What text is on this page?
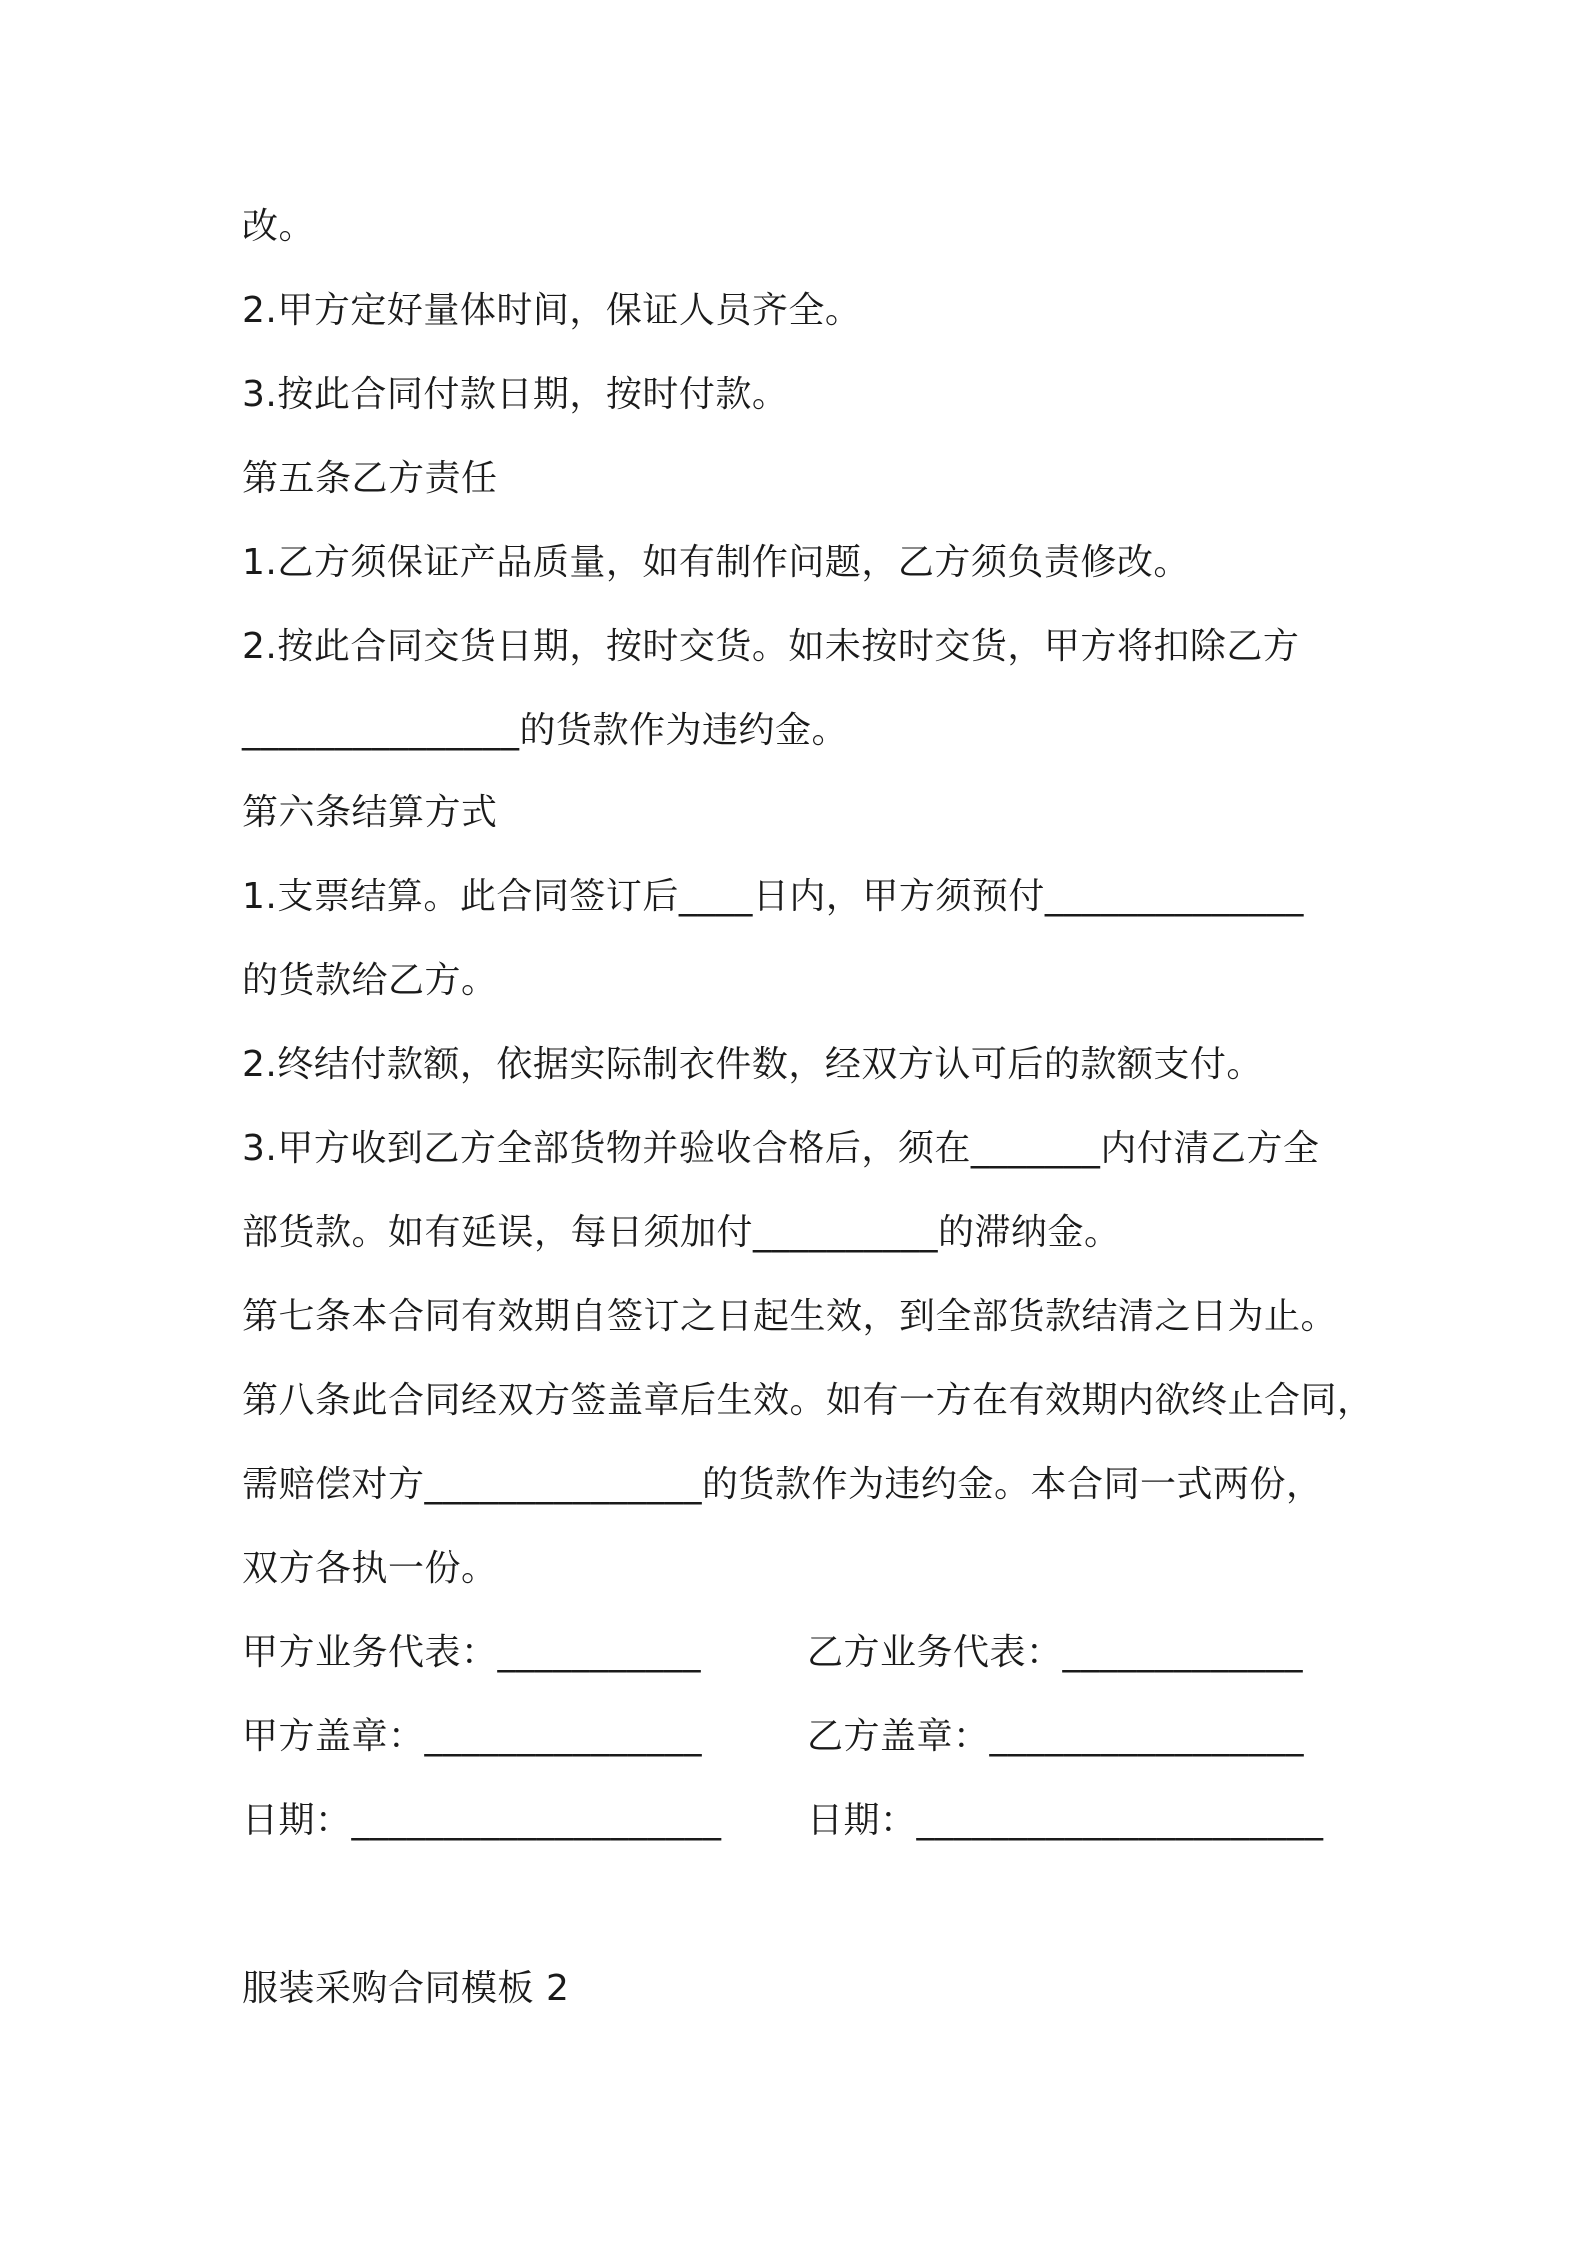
改。
2.甲方定好量体时间，保证人员齐全。
3.按此合同付款日期，按时付款。
第五条乙方责任
1.乙方须保证产品质量，如有制作问题，乙方须负责修改。
2.按此合同交货日期，按时交货。如未按时交货，甲方将扣除乙方
_______________的货款作为违约金。
第六条结算方式
1.支票结算。此合同签订后____日内，甲方须预付______________
的货款给乙方。
2.终结付款额，依据实际制衣件数，经双方认可后的款额支付。
3.甲方收到乙方全部货物并验收合格后，须在_______内付清乙方全
部货款。如有延误，每日须加付__________的滞纳金。
第七条本合同有效期自签订之日起生效，到全部货款结清之日为止。
第八条此合同经双方签盖章后生效。如有一方在有效期内欲终止合同，
需赔偿对方_______________的货款作为违约金。本合同一式两份，
双方各执一份。
甲方业务代表：___________	乙方业务代表：_____________
甲方盖章：_______________	乙方盖章：_________________
日期：____________________ 日期：______________________
服装采购合同模板 2
